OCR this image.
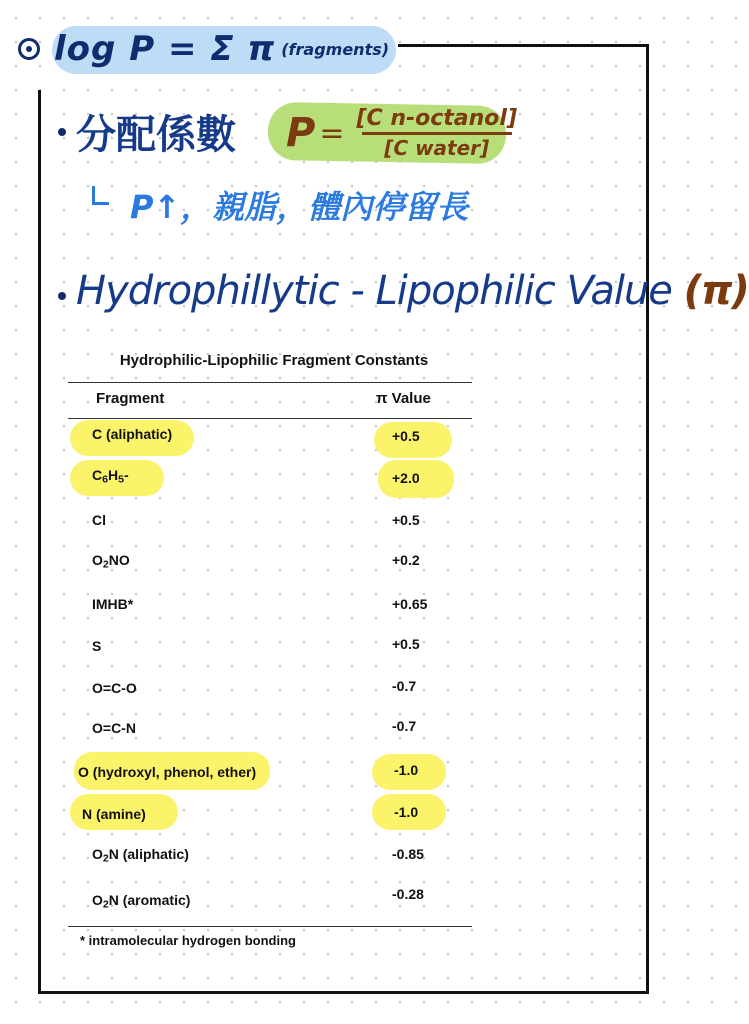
log P = Σ π (fragments)
分配係數 $P = \frac{\text{[C n-octanol]}}{\text{[C water]}}$
P↑，親脂，體內停留長
Hydrophillytic - Lipophilic Value (π)
Hydrophilic-Lipophilic Fragment Constants
Fragment	π Value
C (aliphatic)	+0.5
$C_6H_5-$	+2.0
Cl	+0.5
$O_2NO$	+0.2
IMHB*	+0.65
S	+0.5
O=C-O	-0.7
O=C-N	-0.7
O (hydroxyl, phenol, ether)	-1.0
N (amine)	-1.0
$O_2N$ (aliphatic)	-0.85
$O_2N$ (aromatic)	-0.28
* intramolecular hydrogen bonding
